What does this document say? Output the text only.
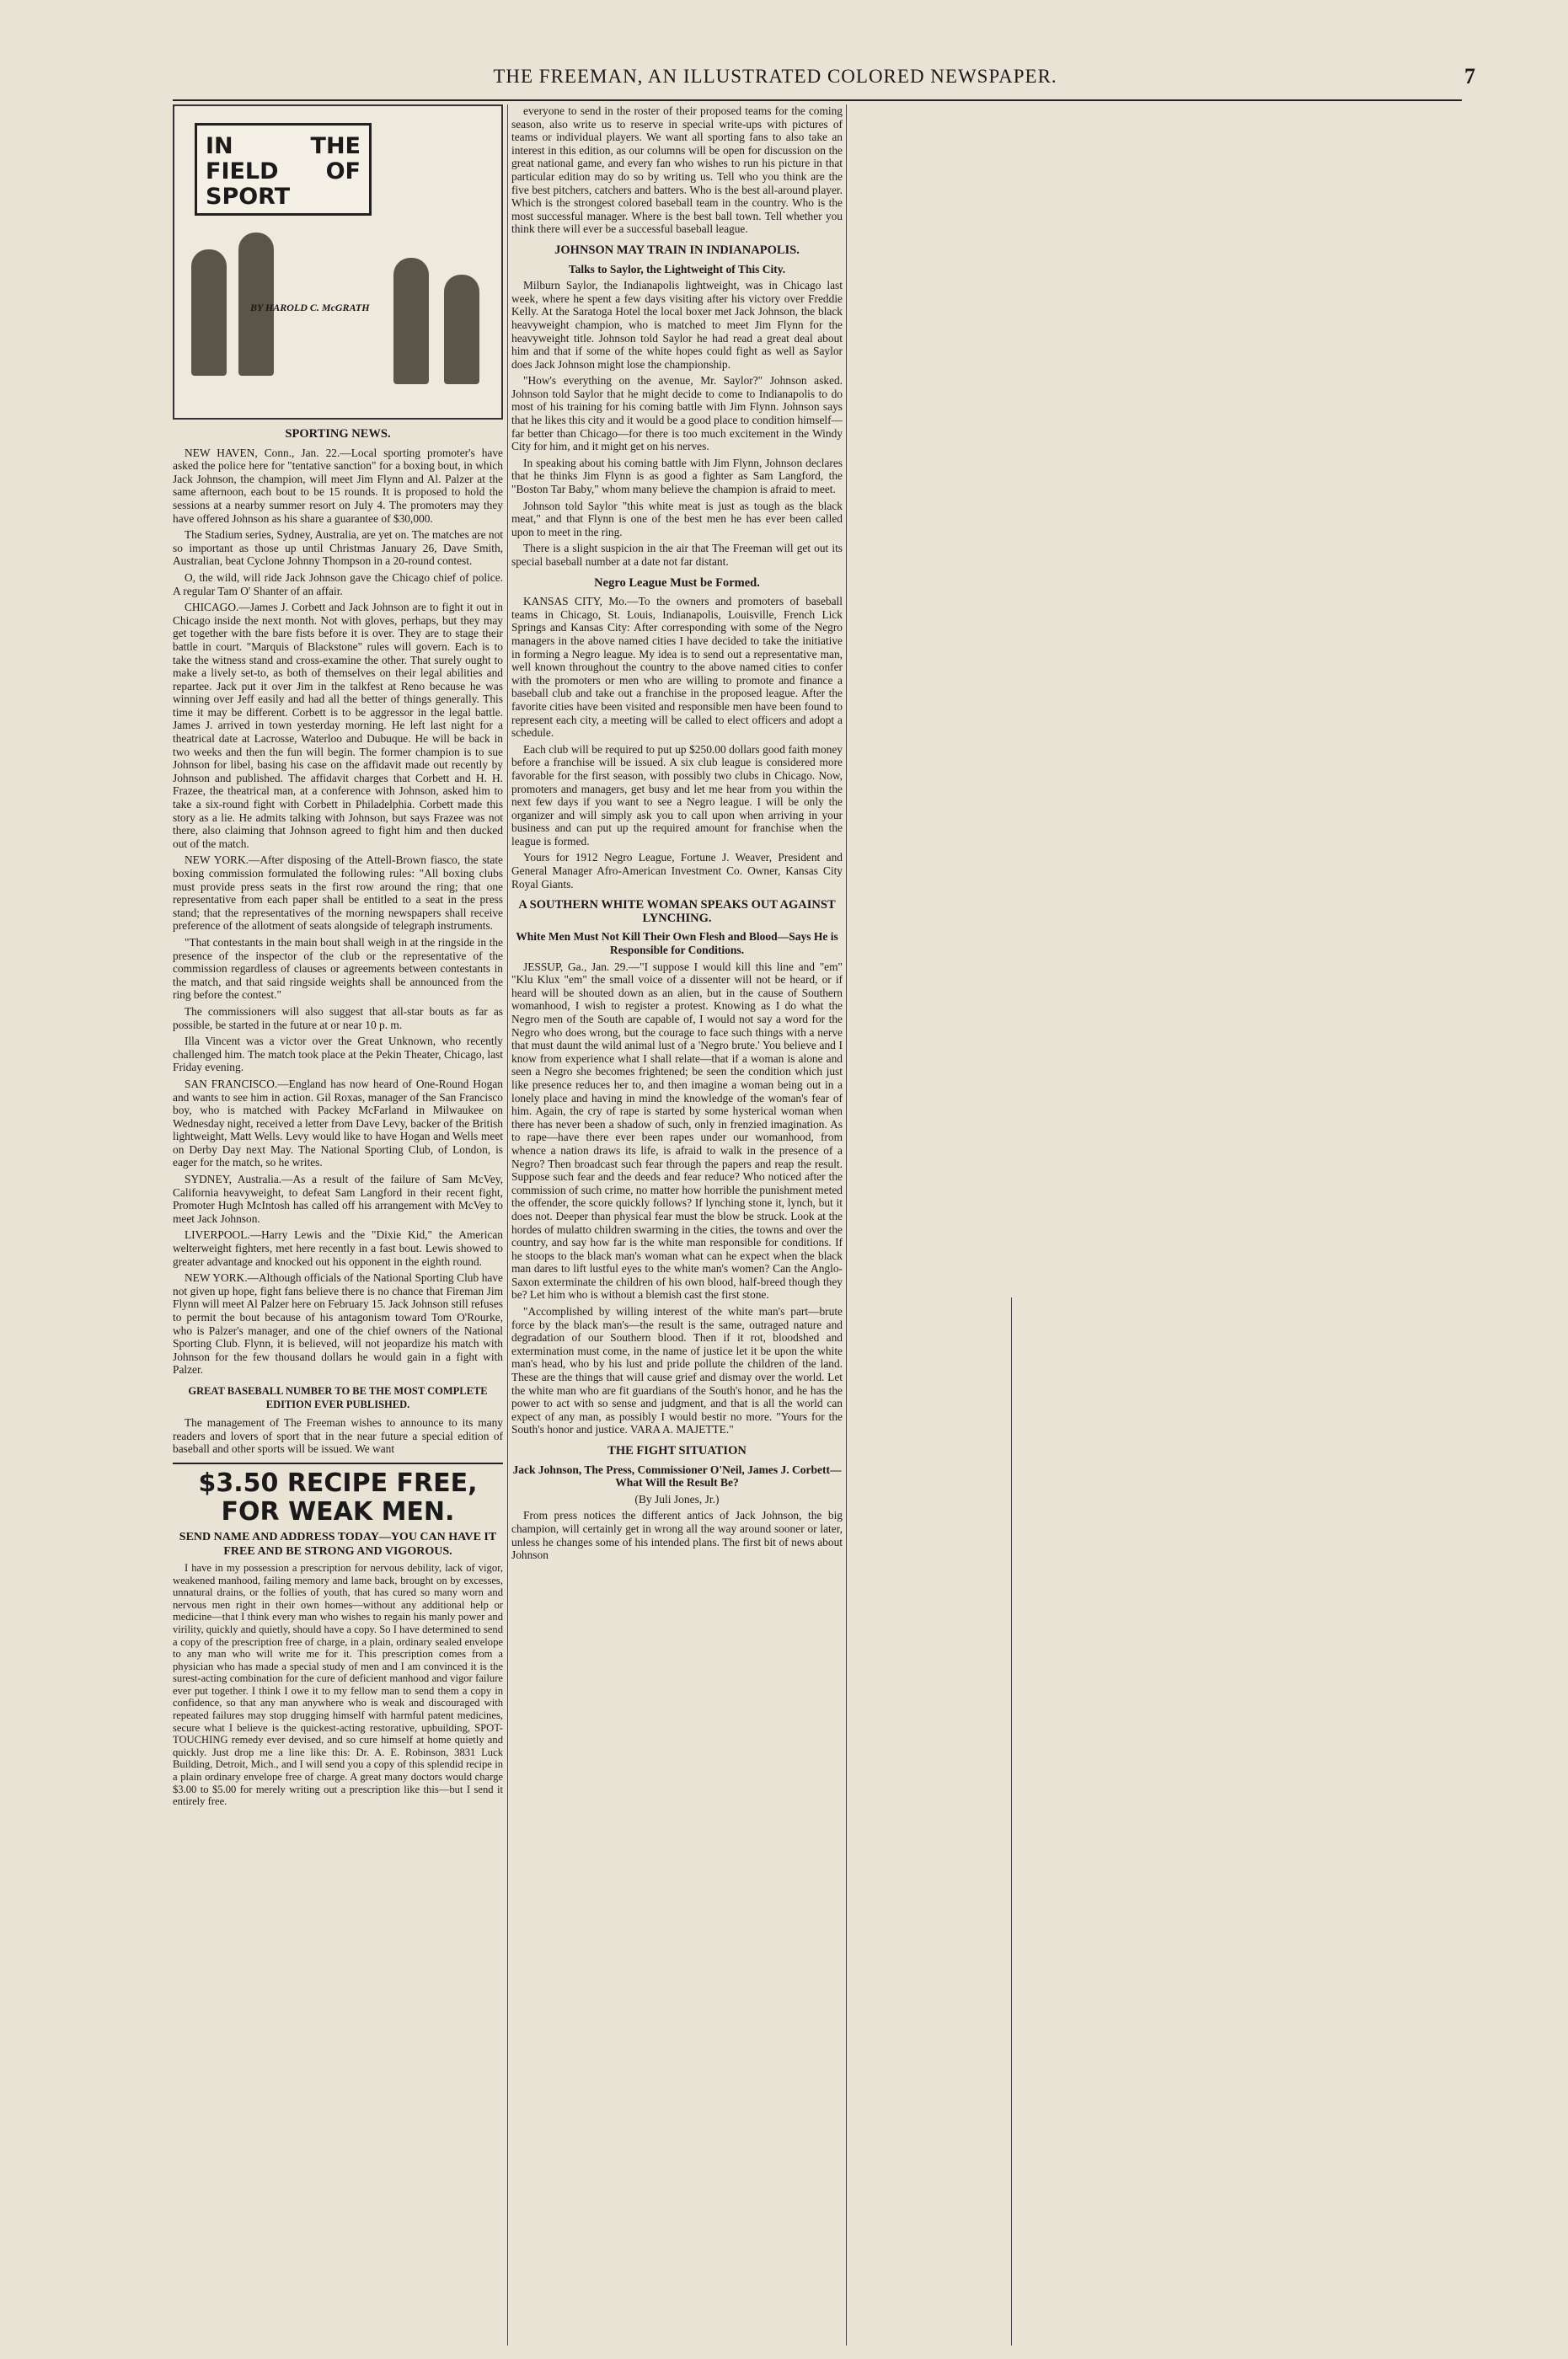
THE FREEMAN, AN ILLUSTRATED COLORED NEWSPAPER.	7
IN THE FIELD OF SPORT
BY HAROLD C. McGRATH
SPORTING NEWS.

NEW HAVEN, Conn., Jan. 22.—Local sporting promoter's have asked the police here for "tentative sanction" for a boxing bout, in which Jack Johnson, the champion, will meet Jim Flynn and Al. Palzer at the same afternoon, each bout to be 15 rounds. It is proposed to hold the sessions at a nearby summer resort on July 4. The promoters may they have offered Johnson as his share a guarantee of $30,000.

The Stadium series, Sydney, Australia, are yet on. The matches are not so important as those up until Christmas January 26, Dave Smith, Australian, beat Cyclone Johnny Thompson in a 20-round contest.

O, the wild, will ride Jack Johnson gave the Chicago chief of police. A regular Tam O' Shanter of an affair.

CHICAGO.—James J. Corbett and Jack Johnson are to fight it out in Chicago inside the next month. Not with gloves, perhaps, but they may get together with the bare fists before it is over. They are to stage their battle in court. "Marquis of Blackstone" rules will govern. Each is to take the witness stand and cross-examine the other. That surely ought to make a lively set-to, as both of themselves on their legal abilities and repartee. Jack put it over Jim in the talkfest at Reno because he was winning over Jeff easily and had all the better of things generally. This time it may be different. Corbett is to be aggressor in the legal battle. James J. arrived in town yesterday morning. He left last night for a theatrical date at Lacrosse, Waterloo and Dubuque. He will be back in two weeks and then the fun will begin. The former champion is to sue Johnson for libel, basing his case on the affidavit made out recently by Johnson and published. The affidavit charges that Corbett and H. H. Frazee, the theatrical man, at a conference with Johnson, asked him to take a six-round fight with Corbett in Philadelphia. Corbett made this story as a lie. He admits talking with Johnson, but says Frazee was not there, also claiming that Johnson agreed to fight him and then ducked out of the match.

NEW YORK.—After disposing of the Attell-Brown fiasco, the state boxing commission formulated the following rules: "All boxing clubs must provide press seats in the first row around the ring; that one representative from each paper shall be entitled to a seat in the press stand; that the representatives of the morning newspapers shall receive preference of the allotment of seats alongside of telegraph instruments.

"That contestants in the main bout shall weigh in at the ringside in the presence of the inspector of the club or the representative of the commission regardless of clauses or agreements between contestants in the match, and that said ringside weights shall be announced from the ring before the contest."

The commissioners will also suggest that all-star bouts as far as possible, be started in the future at or near 10 p. m.

Illa Vincent was a victor over the Great Unknown, who recently challenged him. The match took place at the Pekin Theater, Chicago, last Friday evening.

SAN FRANCISCO.—England has now heard of One-Round Hogan and wants to see him in action. Gil Roxas, manager of the San Francisco boy, who is matched with Packey McFarland in Milwaukee on Wednesday night, received a letter from Dave Levy, backer of the British lightweight, Matt Wells. Levy would like to have Hogan and Wells meet on Derby Day next May. The National Sporting Club, of London, is eager for the match, so he writes.

SYDNEY, Australia.—As a result of the failure of Sam McVey, California heavyweight, to defeat Sam Langford in their recent fight, Promoter Hugh McIntosh has called off his arrangement with McVey to meet Jack Johnson.

LIVERPOOL.—Harry Lewis and the "Dixie Kid," the American welterweight fighters, met here recently in a fast bout. Lewis showed to greater advantage and knocked out his opponent in the eighth round.

NEW YORK.—Although officials of the National Sporting Club have not given up hope, fight fans believe there is no chance that Fireman Jim Flynn will meet Al Palzer here on February 15. Jack Johnson still refuses to permit the bout because of his antagonism toward Tom O'Rourke, who is Palzer's manager, and one of the chief owners of the National Sporting Club. Flynn, it is believed, will not jeopardize his match with Johnson for the few thousand dollars he would gain in a fight with Palzer.

GREAT BASEBALL NUMBER TO BE THE MOST COMPLETE EDITION EVER PUBLISHED.

The management of The Freeman wishes to announce to its many readers and lovers of sport that in the near future a special edition of baseball and other sports will be issued. We want

$3.50 RECIPE FREE, FOR WEAK MEN.
SEND NAME AND ADDRESS TODAY—YOU CAN HAVE IT FREE AND BE STRONG AND VIGOROUS.

I have in my possession a prescription for nervous debility, lack of vigor, weakened manhood, failing memory and lame back, brought on by excesses, unnatural drains, or the follies of youth, that has cured so many worn and nervous men right in their own homes—without any additional help or medicine—that I think every man who wishes to regain his manly power and virility, quickly and quietly, should have a copy. So I have determined to send a copy of the prescription free of charge, in a plain, ordinary sealed envelope to any man who will write me for it. This prescription comes from a physician who has made a special study of men and I am convinced it is the surest-acting combination for the cure of deficient manhood and vigor failure ever put together. I think I owe it to my fellow man to send them a copy in confidence, so that any man anywhere who is weak and discouraged with repeated failures may stop drugging himself with harmful patent medicines, secure what I believe is the quickest-acting restorative, upbuilding, SPOT-TOUCHING remedy ever devised, and so cure himself at home quietly and quickly. Just drop me a line like this: Dr. A. E. Robinson, 3831 Luck Building, Detroit, Mich., and I will send you a copy of this splendid recipe in a plain ordinary envelope free of charge. A great many doctors would charge $3.00 to $5.00 for merely writing out a prescription like this—but I send it entirely free.

everyone to send in the roster of their proposed teams for the coming season, also write us to reserve in special write-ups with pictures of teams or individual players. We want all sporting fans to also take an interest in this edition, as our columns will be open for discussion on the great national game, and every fan who wishes to run his picture in that particular edition may do so by writing us. Tell who you think are the five best pitchers, catchers and batters. Who is the best all-around player. Which is the strongest colored baseball team in the country. Who is the most successful manager. Where is the best ball town. Tell whether you think there will ever be a successful baseball league.

JOHNSON MAY TRAIN IN INDIANAPOLIS.
Talks to Saylor, the Lightweight of This City.

Milburn Saylor, the Indianapolis lightweight, was in Chicago last week, where he spent a few days visiting after his victory over Freddie Kelly. At the Saratoga Hotel the local boxer met Jack Johnson, the black heavyweight champion, who is matched to meet Jim Flynn for the heavyweight title. Johnson told Saylor he had read a great deal about him and that if some of the white hopes could fight as well as Saylor does Jack Johnson might lose the championship.

"How's everything on the avenue, Mr. Saylor?" Johnson asked. Johnson told Saylor that he might decide to come to Indianapolis to do most of his training for his coming battle with Jim Flynn. Johnson says that he likes this city and it would be a good place to condition himself—far better than Chicago—for there is too much excitement in the Windy City for him, and it might get on his nerves.

In speaking about his coming battle with Jim Flynn, Johnson declares that he thinks Jim Flynn is as good a fighter as Sam Langford, the "Boston Tar Baby," whom many believe the champion is afraid to meet.

Johnson told Saylor "this white meat is just as tough as the black meat," and that Flynn is one of the best men he has ever been called upon to meet in the ring.

There is a slight suspicion in the air that The Freeman will get out its special baseball number at a date not far distant.

Negro League Must be Formed.

KANSAS CITY, Mo.—To the owners and promoters of baseball teams in Chicago, St. Louis, Indianapolis, Louisville, French Lick Springs and Kansas City: After corresponding with some of the Negro managers in the above named cities I have decided to take the initiative in forming a Negro league. My idea is to send out a representative man, well known throughout the country to the above named cities to confer with the promoters or men who are willing to promote and finance a baseball club and take out a franchise in the proposed league. After the favorite cities have been visited and responsible men have been found to represent each city, a meeting will be called to elect officers and adopt a schedule.

Each club will be required to put up $250.00 dollars good faith money before a franchise will be issued. A six club league is considered more favorable for the first season, with possibly two clubs in Chicago. Now, promoters and managers, get busy and let me hear from you within the next few days if you want to see a Negro league. I will be only the organizer and will simply ask you to call upon when arriving in your business and can put up the required amount for franchise when the league is formed.

Yours for 1912 Negro League, Fortune J. Weaver, President and General Manager Afro-American Investment Co. Owner, Kansas City Royal Giants.

A SOUTHERN WHITE WOMAN SPEAKS OUT AGAINST LYNCHING.
White Men Must Not Kill Their Own Flesh and Blood—Says He is Responsible for Conditions.

JESSUP, Ga., Jan. 29.—"I suppose I would kill this line and "em" "Klu Klux "em" the small voice of a dissenter will not be heard, or if heard will be shouted down as an alien, but in the cause of Southern womanhood, I wish to register a protest. Knowing as I do what the Negro men of the South are capable of, I would not say a word for the Negro who does wrong, but the courage to face such things with a nerve that must daunt the wild animal lust of a 'Negro brute.' You believe and I know from experience what I shall relate—that if a woman is alone and seen a Negro she becomes frightened; be seen the condition which just like presence reduces her to, and then imagine a woman being out in a lonely place and having in mind the knowledge of the woman's fear of him. Again, the cry of rape is started by some hysterical woman when there has never been a shadow of such, only in frenzied imagination. As to rape—have there ever been rapes under our womanhood, from whence a nation draws its life, is afraid to walk in the presence of a Negro? Then broadcast such fear through the papers and reap the result. Suppose such fear and the deeds and fear reduce? Who noticed after the commission of such crime, no matter how horrible the punishment meted the offender, the score quickly follows? If lynching stone it, lynch, but it does not. Deeper than physical fear must the blow be struck. Look at the hordes of mulatto children swarming in the cities, the towns and over the country, and say how far is the white man responsible for conditions. If he stoops to the black man's woman what can he expect when the black man dares to lift lustful eyes to the white man's women? Can the Anglo-Saxon exterminate the children of his own blood, half-breed though they be? Let him who is without a blemish cast the first stone.

"Accomplished by willing interest of the white man's part—brute force by the black man's—the result is the same, outraged nature and degradation of our Southern blood. Then if it rot, bloodshed and extermination must come, in the name of justice let it be upon the white man's head, who by his lust and pride pollute the children of the land. These are the things that will cause grief and dismay over the world. Let the white man who are fit guardians of the South's honor, and he has the power to act with so sense and judgment, and that is all the world can expect of any man, as possibly I would bestir no more. "Yours for the South's honor and justice. VARA A. MAJETTE."

THE FIGHT SITUATION
Jack Johnson, The Press, Commissioner O'Neil, James J. Corbett—What Will the Result Be?
(By Juli Jones, Jr.)

From press notices the different antics of Jack Johnson, the big champion, will certainly get in wrong all the way around sooner or later, unless he changes some of his intended plans. The first bit of news about Johnson
